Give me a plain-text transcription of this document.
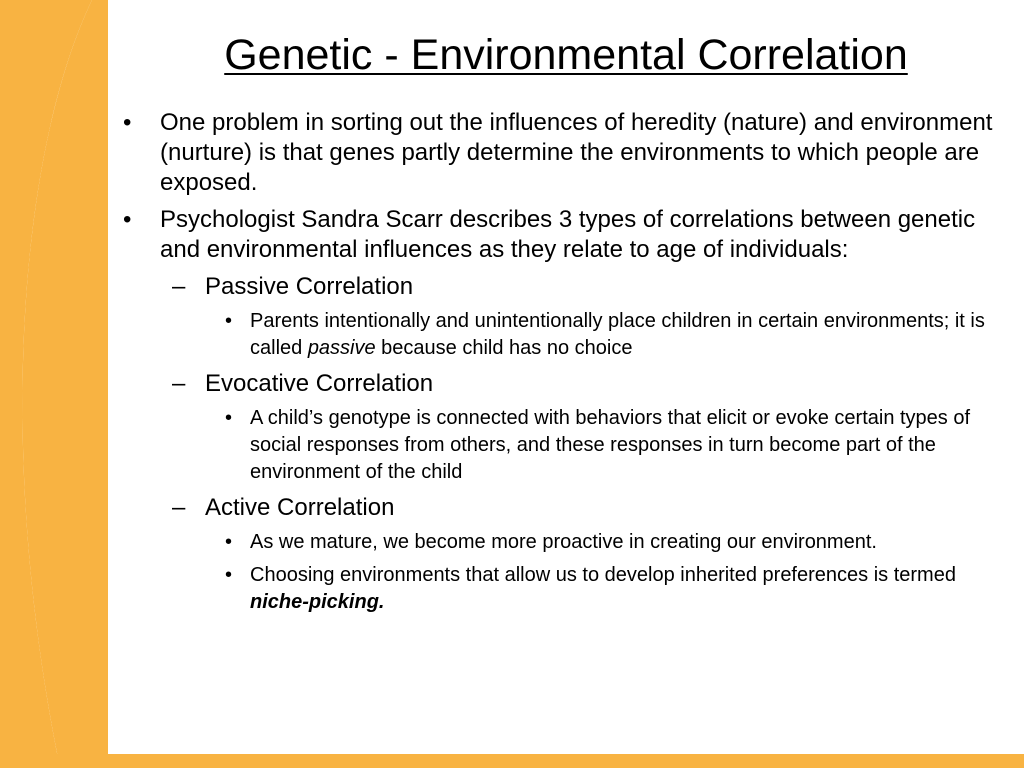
Genetic - Environmental Correlation
• One problem in sorting out the influences of heredity (nature) and environment (nurture) is that genes partly determine the environments to which people are exposed.
• Psychologist Sandra Scarr describes 3 types of correlations between genetic and environmental influences as they relate to age of individuals:
– Passive Correlation
• Parents intentionally and unintentionally place children in certain environments; it is called passive because child has no choice
– Evocative Correlation
• A child’s genotype is connected with behaviors that elicit or evoke certain types of social responses from others, and these responses in turn become part of the environment of the child
– Active Correlation
• As we mature, we become more proactive in creating our environment.
• Choosing environments that allow us to develop inherited preferences is termed niche-picking.
